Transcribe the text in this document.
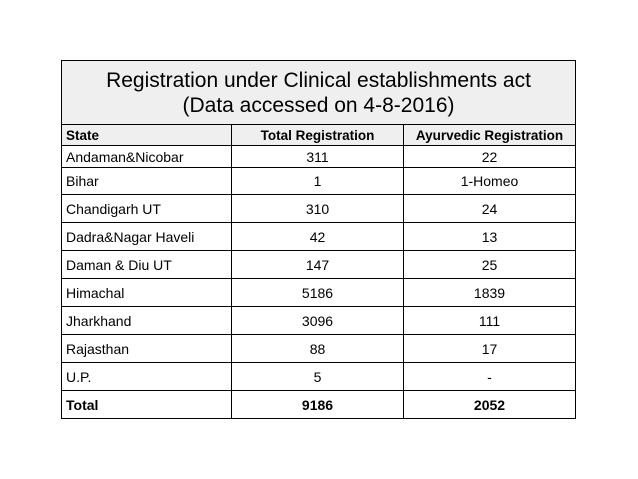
Registration under Clinical establishments act
(Data accessed on 4-8-2016)		

State	Total Registration	Ayurvedic Registration
Andaman&Nicobar	311	22
Bihar	1	1-Homeo
Chandigarh UT	310	24
Dadra&Nagar Haveli	42	13
Daman & Diu UT	147	25
Himachal	5186	1839
Jharkhand	3096	111
Rajasthan	88	17
U.P.	5	-
Total	9186	2052
